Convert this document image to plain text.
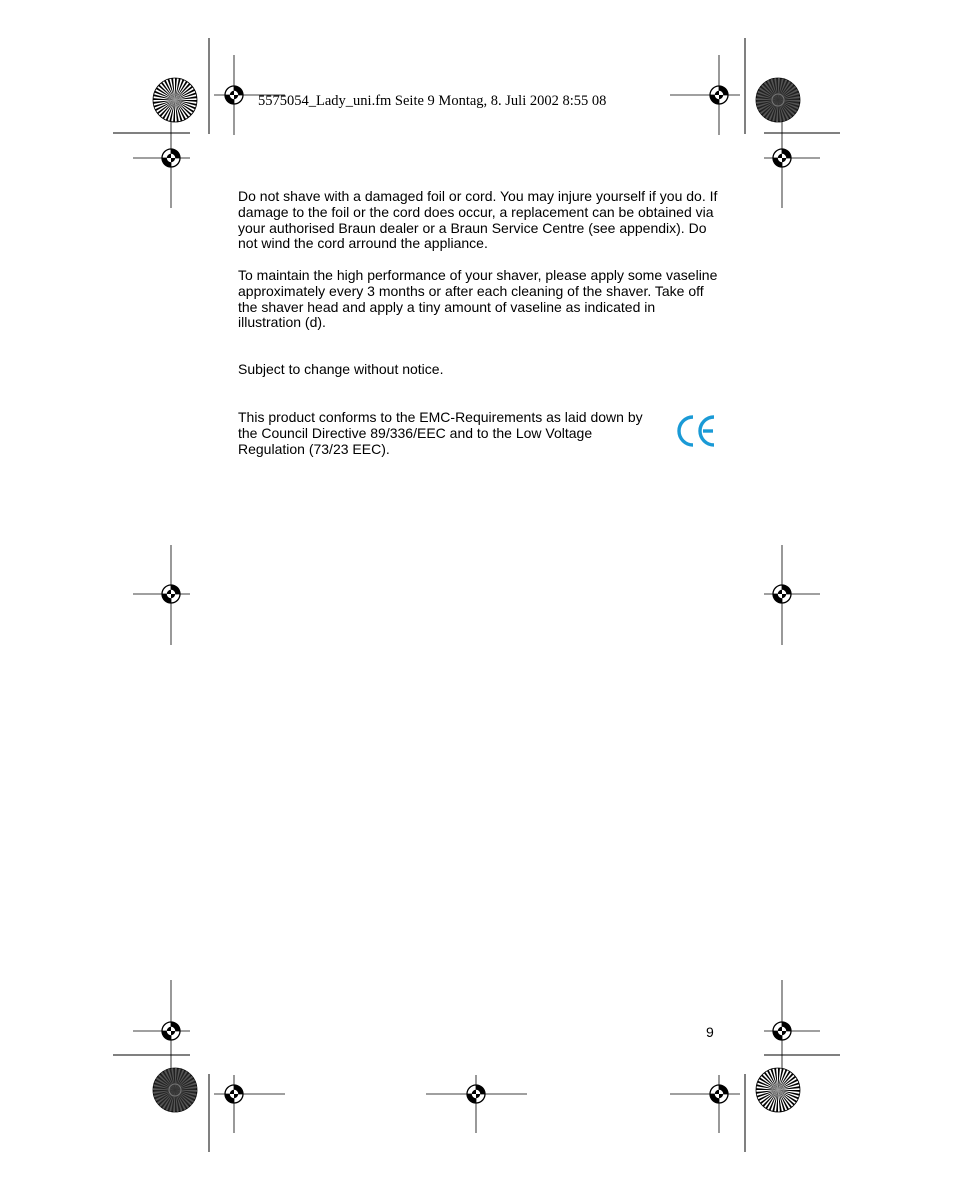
5575054_Lady_uni.fm Seite 9 Montag, 8. Juli 2002 8:55 08

Do not shave with a damaged foil or cord. You may injure yourself if you do. If damage to the foil or the cord does occur, a replacement can be obtained via your authorised Braun dealer or a Braun Service Centre (see appendix). Do not wind the cord arround the appliance.

To maintain the high performance of your shaver, please apply some vaseline approximately every 3 months or after each cleaning of the shaver. Take off the shaver head and apply a tiny amount of vaseline as indicated in illustration (d).

Subject to change without notice.

This product conforms to the EMC-Requirements as laid down by the Council Directive 89/336/EEC and to the Low Voltage Regulation (73/23 EEC).

9
